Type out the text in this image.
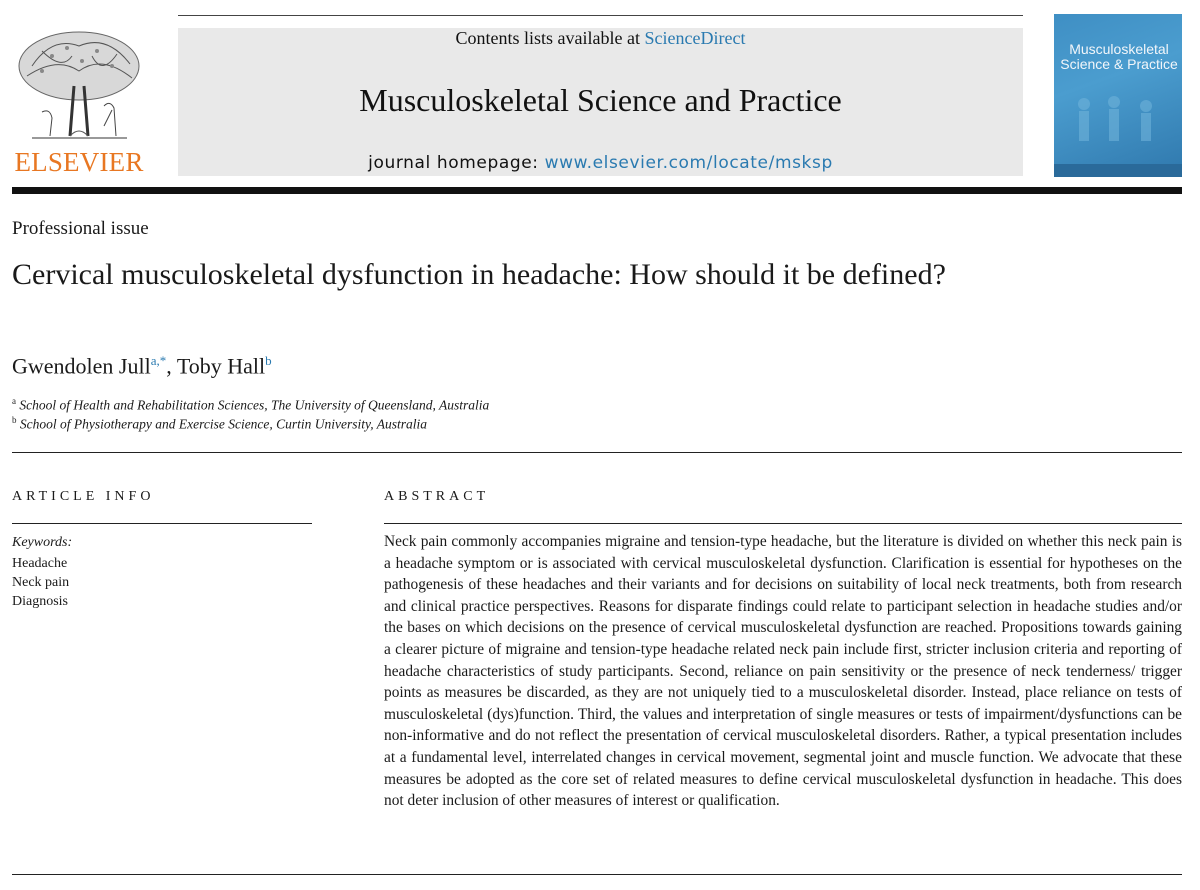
ELSEVIER
Contents lists available at ScienceDirect
Musculoskeletal Science and Practice
journal homepage: www.elsevier.com/locate/msksp
Musculoskeletal Science & Practice
Professional issue
Cervical musculoskeletal dysfunction in headache: How should it be defined?
Gwendolen Jull$^{a,*}$, Toby Hall$^b$
$^a$ School of Health and Rehabilitation Sciences, The University of Queensland, Australia
$^b$ School of Physiotherapy and Exercise Science, Curtin University, Australia
ARTICLE INFO
Keywords:
Headache
Neck pain
Diagnosis
ABSTRACT
Neck pain commonly accompanies migraine and tension-type headache, but the literature is divided on whether this neck pain is a headache symptom or is associated with cervical musculoskeletal dysfunction. Clarification is essential for hypotheses on the pathogenesis of these headaches and their variants and for decisions on suitability of local neck treatments, both from research and clinical practice perspectives. Reasons for disparate findings could relate to participant selection in headache studies and/or the bases on which decisions on the presence of cervical musculoskeletal dysfunction are reached. Propositions towards gaining a clearer picture of migraine and tension-type headache related neck pain include first, stricter inclusion criteria and reporting of headache characteristics of study participants. Second, reliance on pain sensitivity or the presence of neck tenderness/ trigger points as measures be discarded, as they are not uniquely tied to a musculoskeletal disorder. Instead, place reliance on tests of musculoskeletal (dys)function. Third, the values and interpretation of single measures or tests of impairment/dysfunctions can be non-informative and do not reflect the presentation of cervical musculoskeletal disorders. Rather, a typical presentation includes at a fundamental level, interrelated changes in cervical movement, segmental joint and muscle function. We advocate that these measures be adopted as the core set of related measures to define cervical musculoskeletal dysfunction in headache. This does not deter inclusion of other measures of interest or qualification.
